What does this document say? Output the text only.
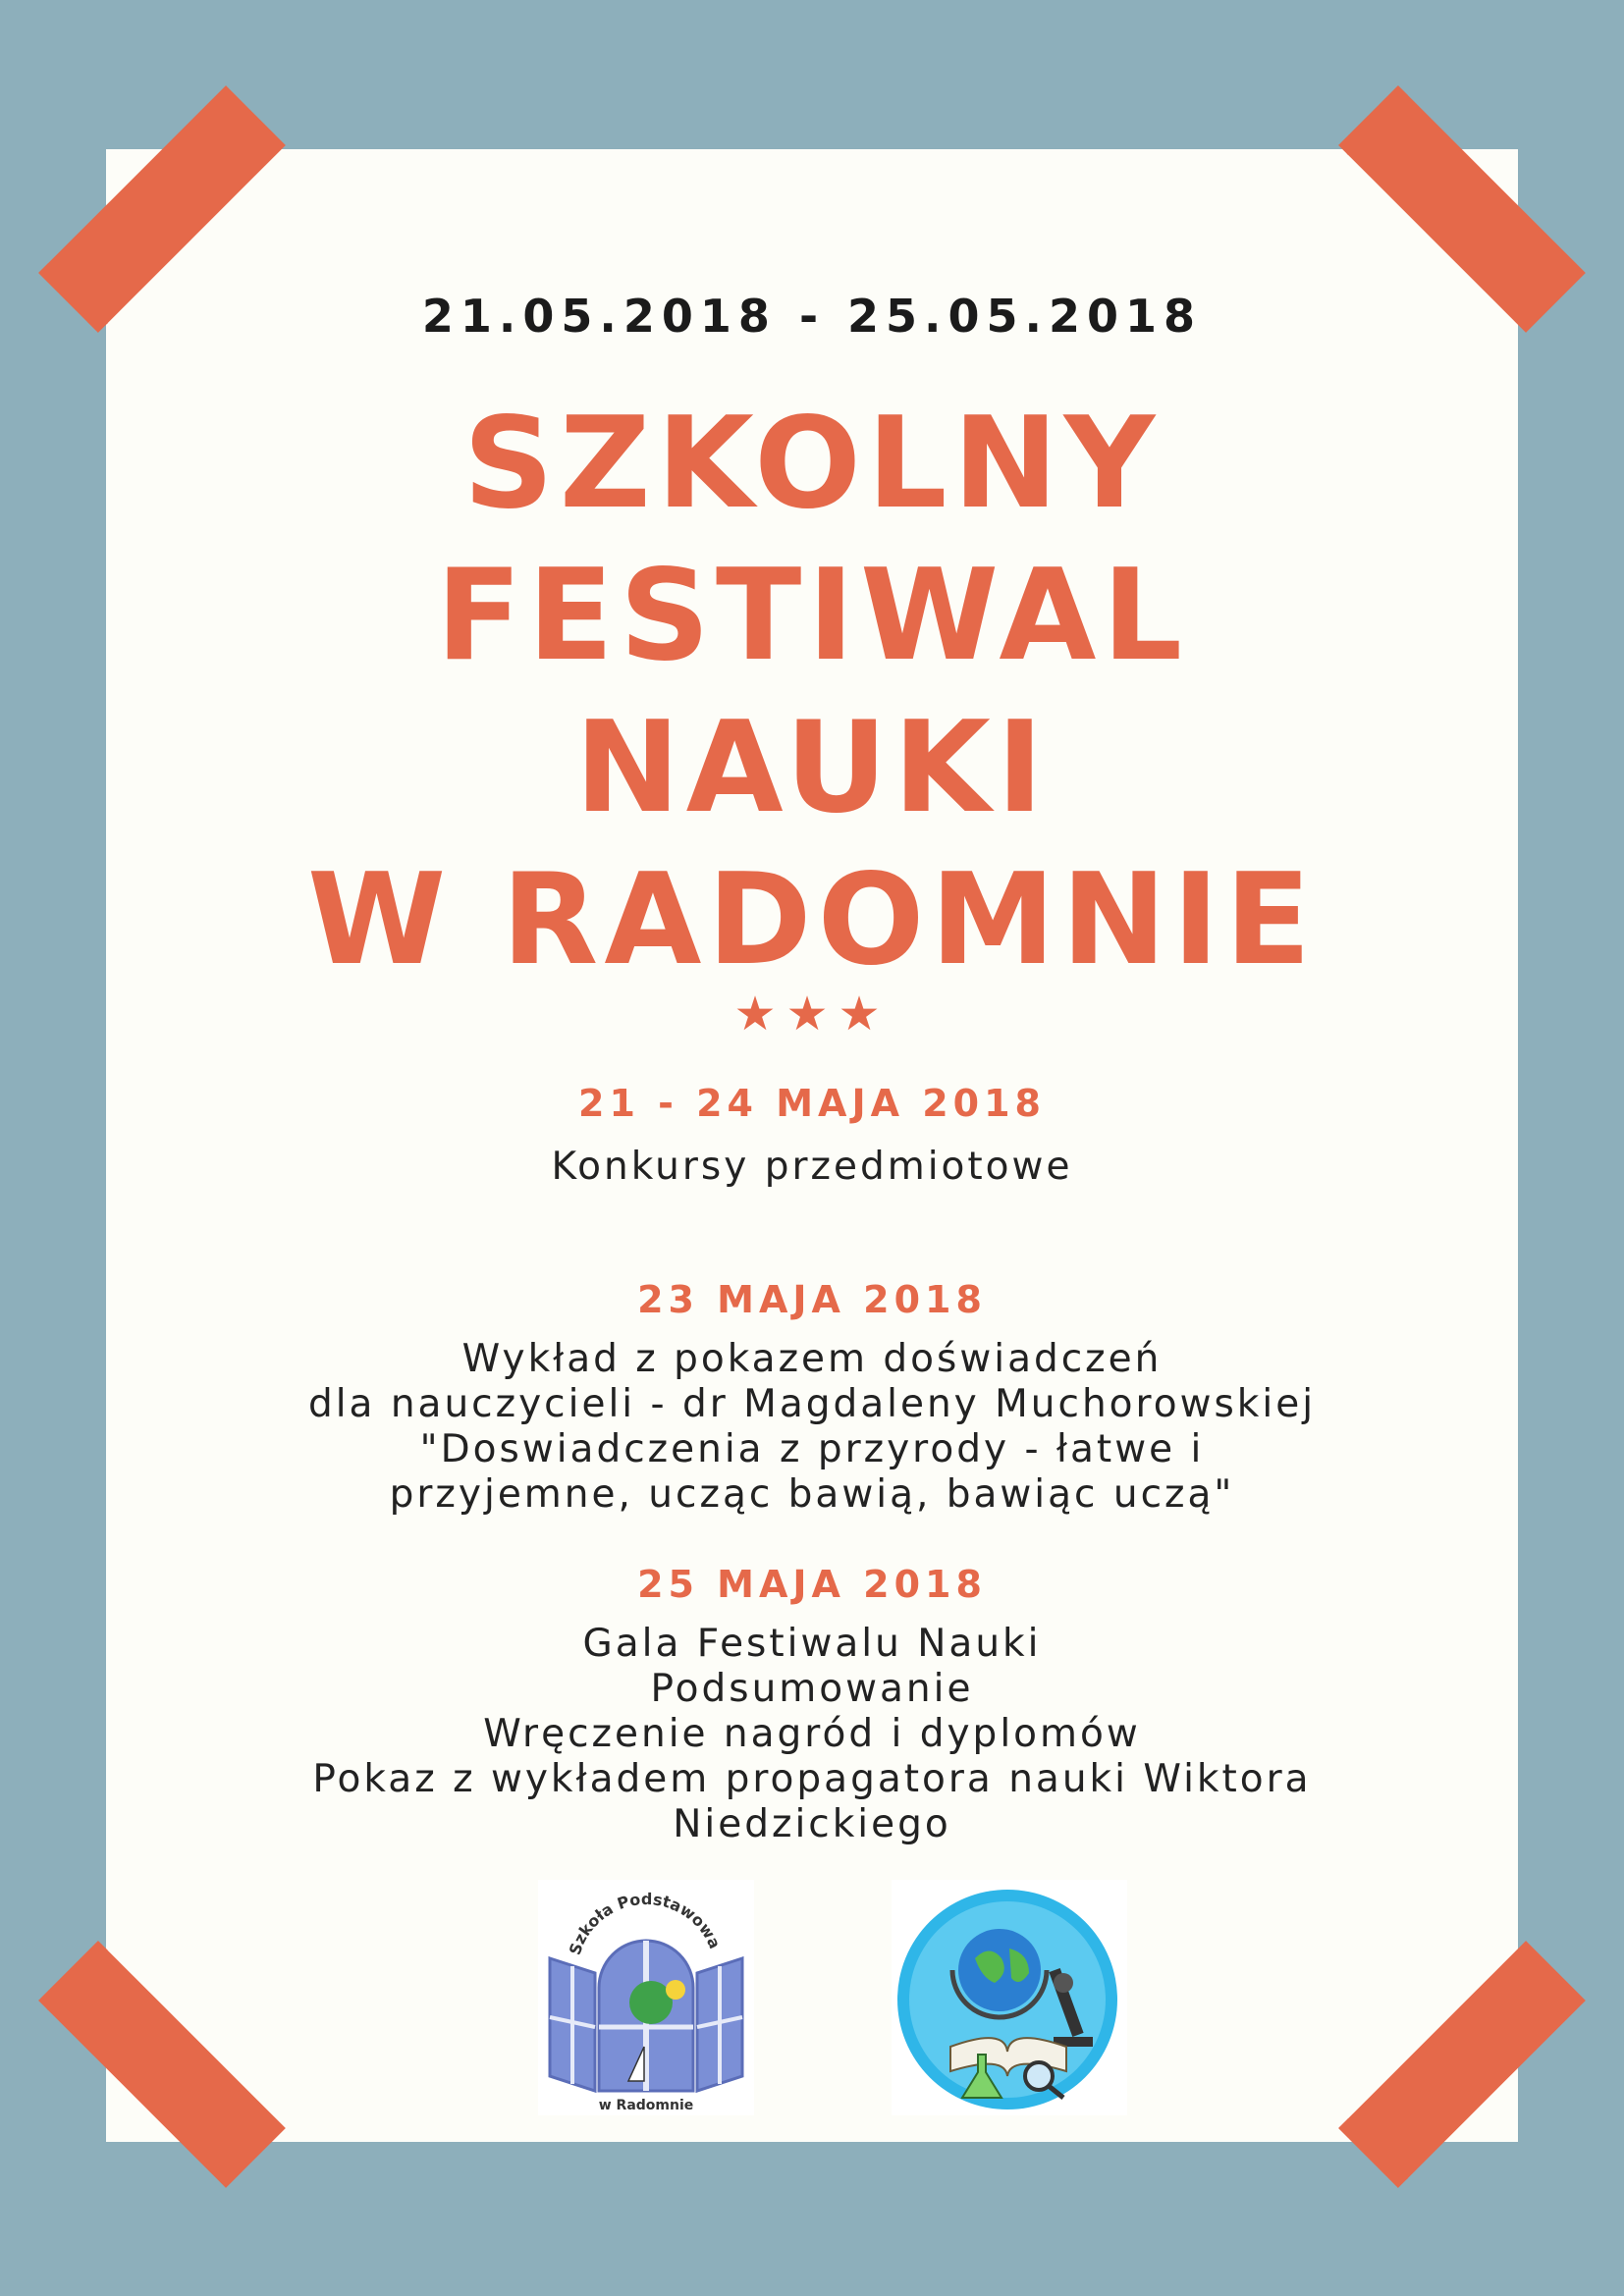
21.05.2018 - 25.05.2018
SZKOLNY
FESTIWAL
NAUKI
W RADOMNIE
★★★
21 - 24 MAJA 2018
Konkursy przedmiotowe
23 MAJA 2018
Wykład z pokazem doświadczeń
dla nauczycieli - dr Magdaleny Muchorowskiej
"Doswiadczenia z przyrody - łatwe i
przyjemne, ucząc bawią, bawiąc uczą"
25 MAJA 2018
Gala Festiwalu Nauki
Podsumowanie
Wręczenie nagród i dyplomów
Pokaz z wykładem propagatora nauki Wiktora
Niedzickiego
Szkoła Podstawowa
w Radomnie
